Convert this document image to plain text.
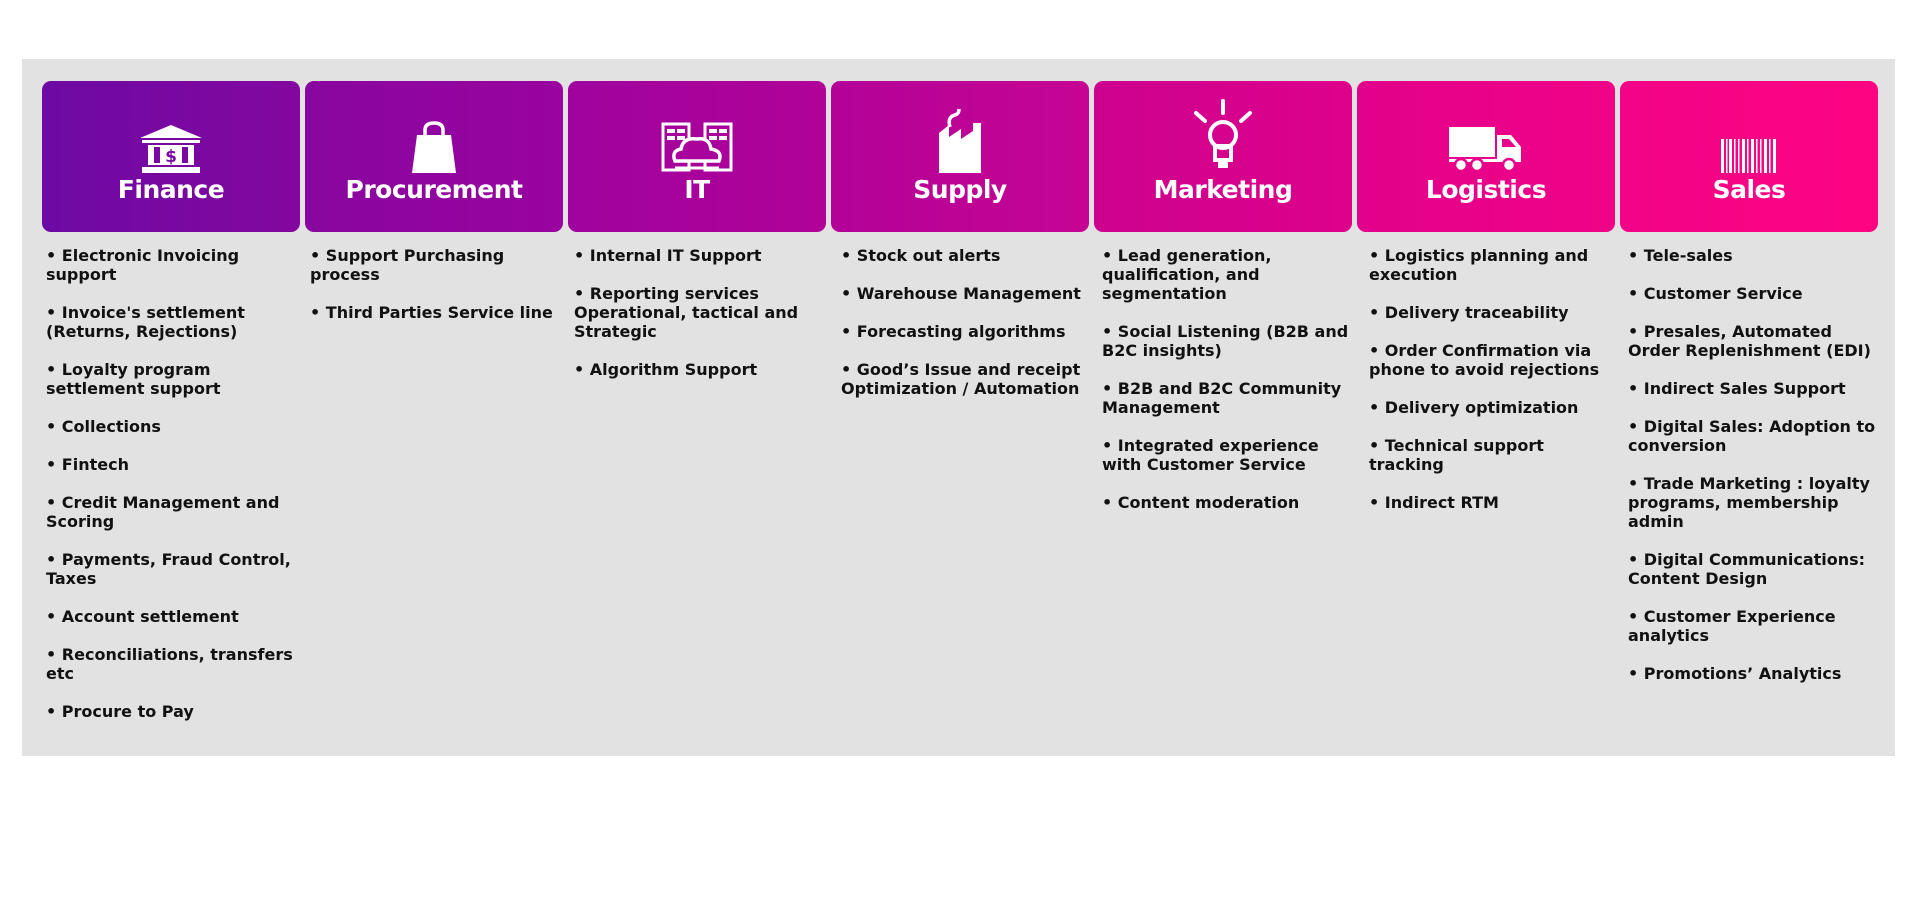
$
Finance
• Electronic Invoicing support
• Invoice's settlement (Returns, Rejections)
• Loyalty program settlement support
• Collections
• Fintech
• Credit Management and Scoring
• Payments, Fraud Control, Taxes
• Account settlement
• Reconciliations, transfers etc
• Procure to Pay
Procurement
• Support Purchasing process
• Third Parties Service line
IT
• Internal IT Support
• Reporting services Operational, tactical and Strategic
• Algorithm Support
Supply
• Stock out alerts
• Warehouse Management
• Forecasting algorithms
• Good’s Issue and receipt Optimization / Automation
Marketing
• Lead generation, qualification, and segmentation
• Social Listening (B2B and B2C insights)
• B2B and B2C Community Management
• Integrated experience with Customer Service
• Content moderation
Logistics
• Logistics planning and execution
• Delivery traceability
• Order Confirmation via phone to avoid rejections
• Delivery optimization
• Technical support tracking
• Indirect RTM
Sales
• Tele-sales
• Customer Service
• Presales, Automated Order Replenishment (EDI)
• Indirect Sales Support
• Digital Sales: Adoption to conversion
• Trade Marketing : loyalty programs, membership admin
• Digital Communications: Content Design
• Customer Experience analytics
• Promotions’ Analytics
